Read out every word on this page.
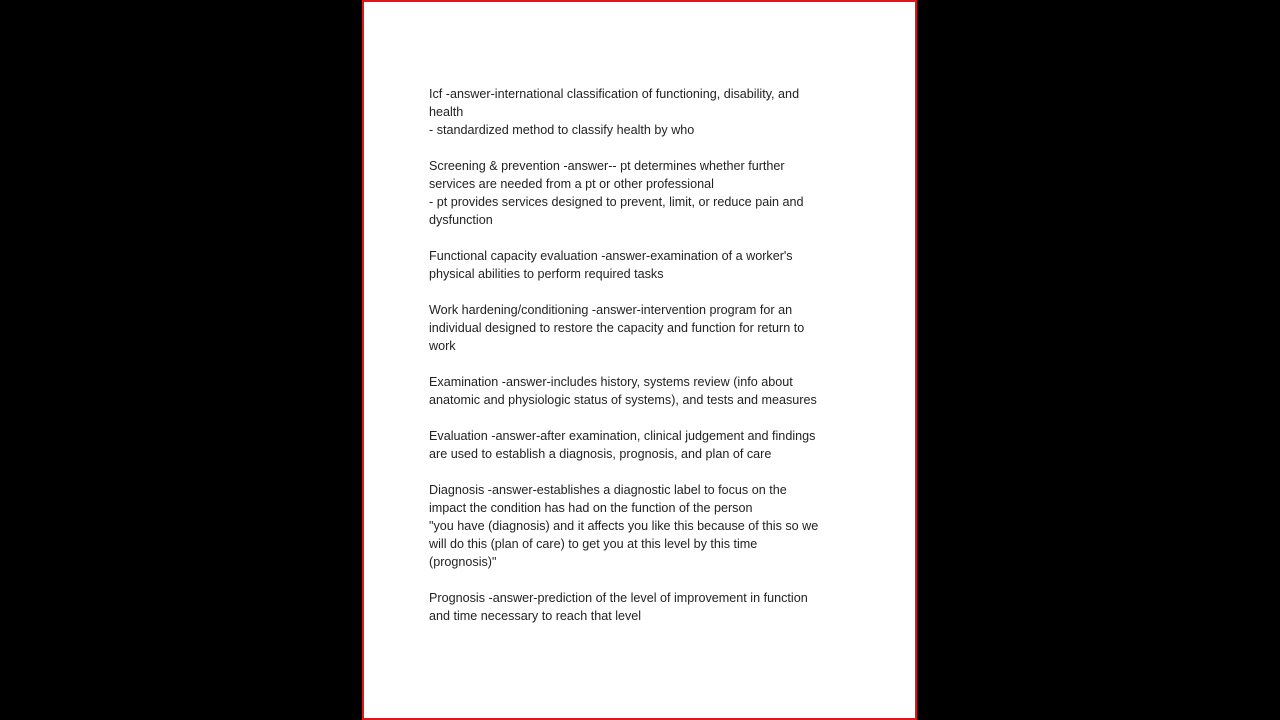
Icf -answer-international classification of functioning, disability, and
health
- standardized method to classify health by who
Screening & prevention -answer-- pt determines whether further
services are needed from a pt or other professional
- pt provides services designed to prevent, limit, or reduce pain and
dysfunction
Functional capacity evaluation -answer-examination of a worker's
physical abilities to perform required tasks
Work hardening/conditioning -answer-intervention program for an
individual designed to restore the capacity and function for return to
work
Examination -answer-includes history, systems review (info about
anatomic and physiologic status of systems), and tests and measures
Evaluation -answer-after examination, clinical judgement and findings
are used to establish a diagnosis, prognosis, and plan of care
Diagnosis -answer-establishes a diagnostic label to focus on the
impact the condition has had on the function of the person
"you have (diagnosis) and it affects you like this because of this so we
will do this (plan of care) to get you at this level by this time
(prognosis)"
Prognosis -answer-prediction of the level of improvement in function
and time necessary to reach that level
